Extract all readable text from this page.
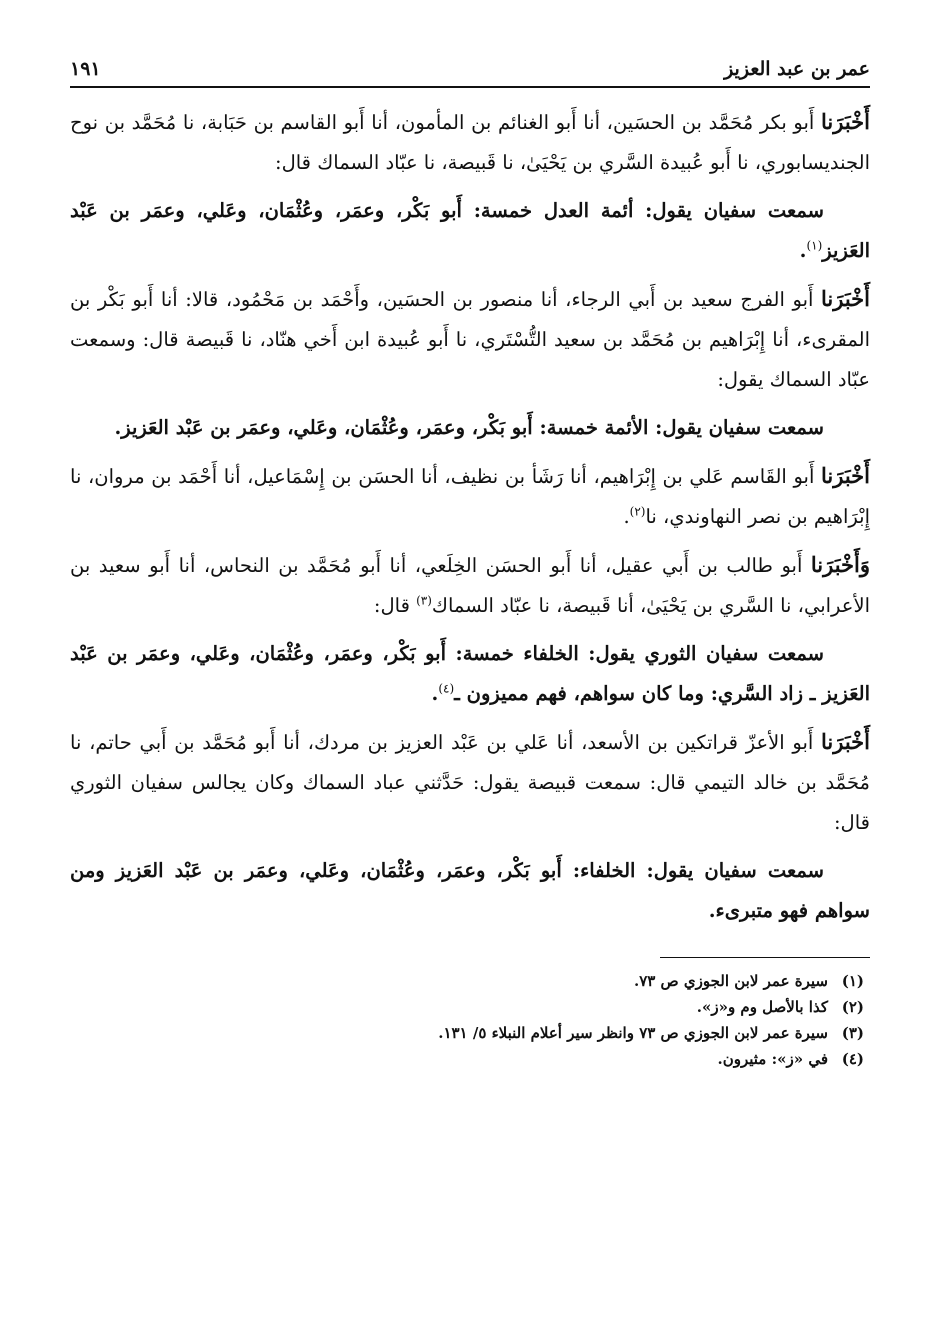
عمر بن عبد العزيز
١٩١

أَخْبَرَنا أَبو بكر مُحَمَّد بن الحسَين، أنا أَبو الغنائم بن المأمون، أنا أَبو القاسم بن حَبَابة، نا مُحَمَّد بن نوح الجنديسابوري، نا أَبو عُبيدة السَّري بن يَحْيَىٰ، نا قَبيصة، نا عبّاد السماك قال:

سمعت سفيان يقول: أئمة العدل خمسة: أَبو بَكْر، وعمَر، وعُثْمَان، وعَلي، وعمَر بن عَبْد العَزيز$^{(١)}$.

أَخْبَرَنا أَبو الفرج سعيد بن أَبي الرجاء، أنا منصور بن الحسَين، وأَحْمَد بن مَحْمُود، قالا: أنا أَبو بَكْر بن المقرىء، أنا إِبْرَاهيم بن مُحَمَّد بن سعيد التُّسْتَري، نا أَبو عُبيدة ابن أَخي هنّاد، نا قَبيصة قال: وسمعت عبّاد السماك يقول:

سمعت سفيان يقول: الأئمة خمسة: أَبو بَكْر، وعمَر، وعُثْمَان، وعَلي، وعمَر بن عَبْد العَزيز.

أَخْبَرَنا أَبو القَاسم عَلي بن إِبْرَاهيم، أنا رَشَأ بن نظيف، أنا الحسَن بن إِسْمَاعيل، أنا أَحْمَد بن مروان، نا إِبْرَاهيم بن نصر النهاوندي، نا$^{(٢)}$.

وَأَخْبَرَنا أَبو طالب بن أَبي عقيل، أنا أَبو الحسَن الخِلَعي، أنا أَبو مُحَمَّد بن النحاس، أنا أَبو سعيد بن الأعرابي، نا السَّري بن يَحْيَىٰ، أنا قَبيصة، نا عبّاد السماك$^{(٣)}$ قال:

سمعت سفيان الثوري يقول: الخلفاء خمسة: أَبو بَكْر، وعمَر، وعُثْمَان، وعَلي، وعمَر بن عَبْد العَزيز ـ زاد السَّري: وما كان سواهم، فهم مميزون ـ$^{(٤)}$.

أَخْبَرَنا أَبو الأعزّ قراتكين بن الأسعد، أنا عَلي بن عَبْد العزيز بن مردك، أنا أَبو مُحَمَّد بن أَبي حاتم، نا مُحَمَّد بن خالد التيمي قال: سمعت قبيصة يقول: حَدَّثني عباد السماك وكان يجالس سفيان الثوري قال:

سمعت سفيان يقول: الخلفاء: أَبو بَكْر، وعمَر، وعُثْمَان، وعَلي، وعمَر بن عَبْد العَزيز ومن سواهم فهو متبرىء.

(١)
سيرة عمر لابن الجوزي ص ٧٣.
(٢)
كذا بالأصل وم و«ز».
(٣)
سيرة عمر لابن الجوزي ص ٧٣ وانظر سير أعلام النبلاء ٥/ ١٣١.
(٤)
في «ز»: مثيرون.
